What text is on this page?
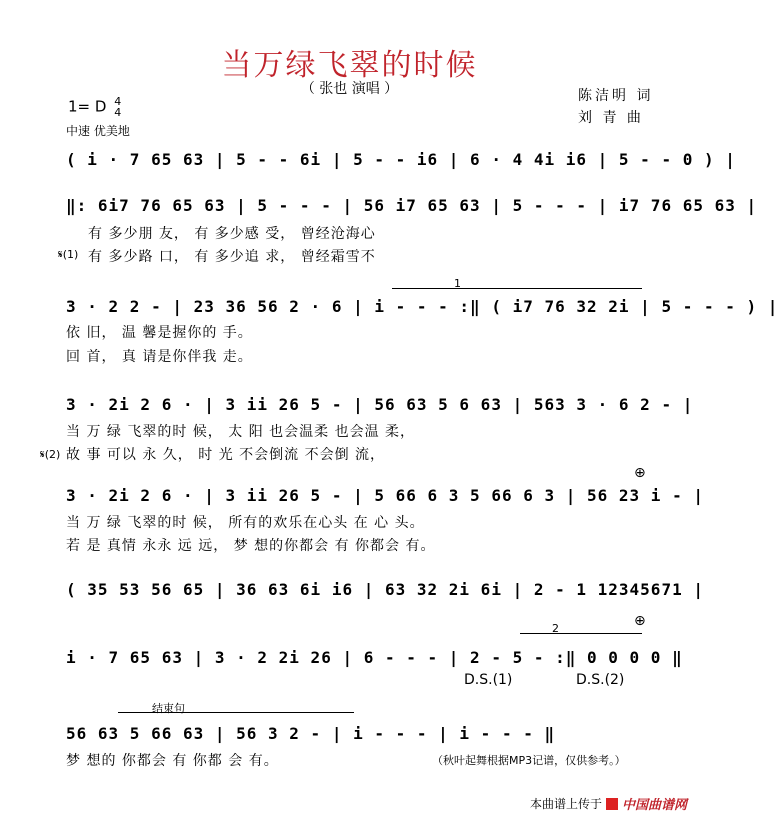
当万绿飞翠的时候
（ 张也 演唱 ）	陈洁明 词
刘 青 曲
1= D 4
4
中速 优美地
( i · 7 65 63 | 5 - - 6i | 5 - - i6 | 6 · 4 4i i6 | 5 - - 0 ) |
‖: 6i7 76 65 63 | 5 - - - | 56 i7 65 63 | 5 - - - | i7 76 65 63 |
有 多少朋 友， 有 多少感 受， 曾经沧海心
𝄋(1) 有 多少路 口， 有 多少追 求， 曾经霜雪不
1
3 · 2 2 - | 23 36 56 2 · 6 | i - - - :‖ ( i7 76 32 2i | 5 - - - ) |
依 旧， 温 馨是握你的 手。
回 首， 真 请是你伴我 走。
3 · 2i 2 6 · | 3 ii 26 5 - | 56 63 5 6 63 | 563 3 · 6 2 - |
当 万 绿 飞翠的时 候， 太 阳 也会温柔 也会温 柔，
𝄋(2) 故 事 可以 永 久， 时 光 不会倒流 不会倒 流，
⊕
3 · 2i 2 6 · | 3 ii 26 5 - | 5 66 6 3 5 66 6 3 | 56 23 i - |
当 万 绿 飞翠的时 候， 所有的欢乐在心头 在 心 头。
若 是 真情 永永 远 远， 梦 想的你都会 有 你都会 有。
( 35 53 56 65 | 36 63 6i i6 | 63 32 2i 6i | 2 - 1 12345671 |
⊕
2
i · 7 65 63 | 3 · 2 2i 26 | 6 - - - | 2 - 5 - :‖ 0 0 0 0 ‖
D.S.(1)	D.S.(2)
结束句
56 63 5 66 63 | 56 3 2 - | i - - - | i - - - ‖
梦 想的 你都会 有 你都 会 有。	（秋叶起舞根据MP3记谱，仅供参考。）
本曲谱上传于 中国曲谱网
